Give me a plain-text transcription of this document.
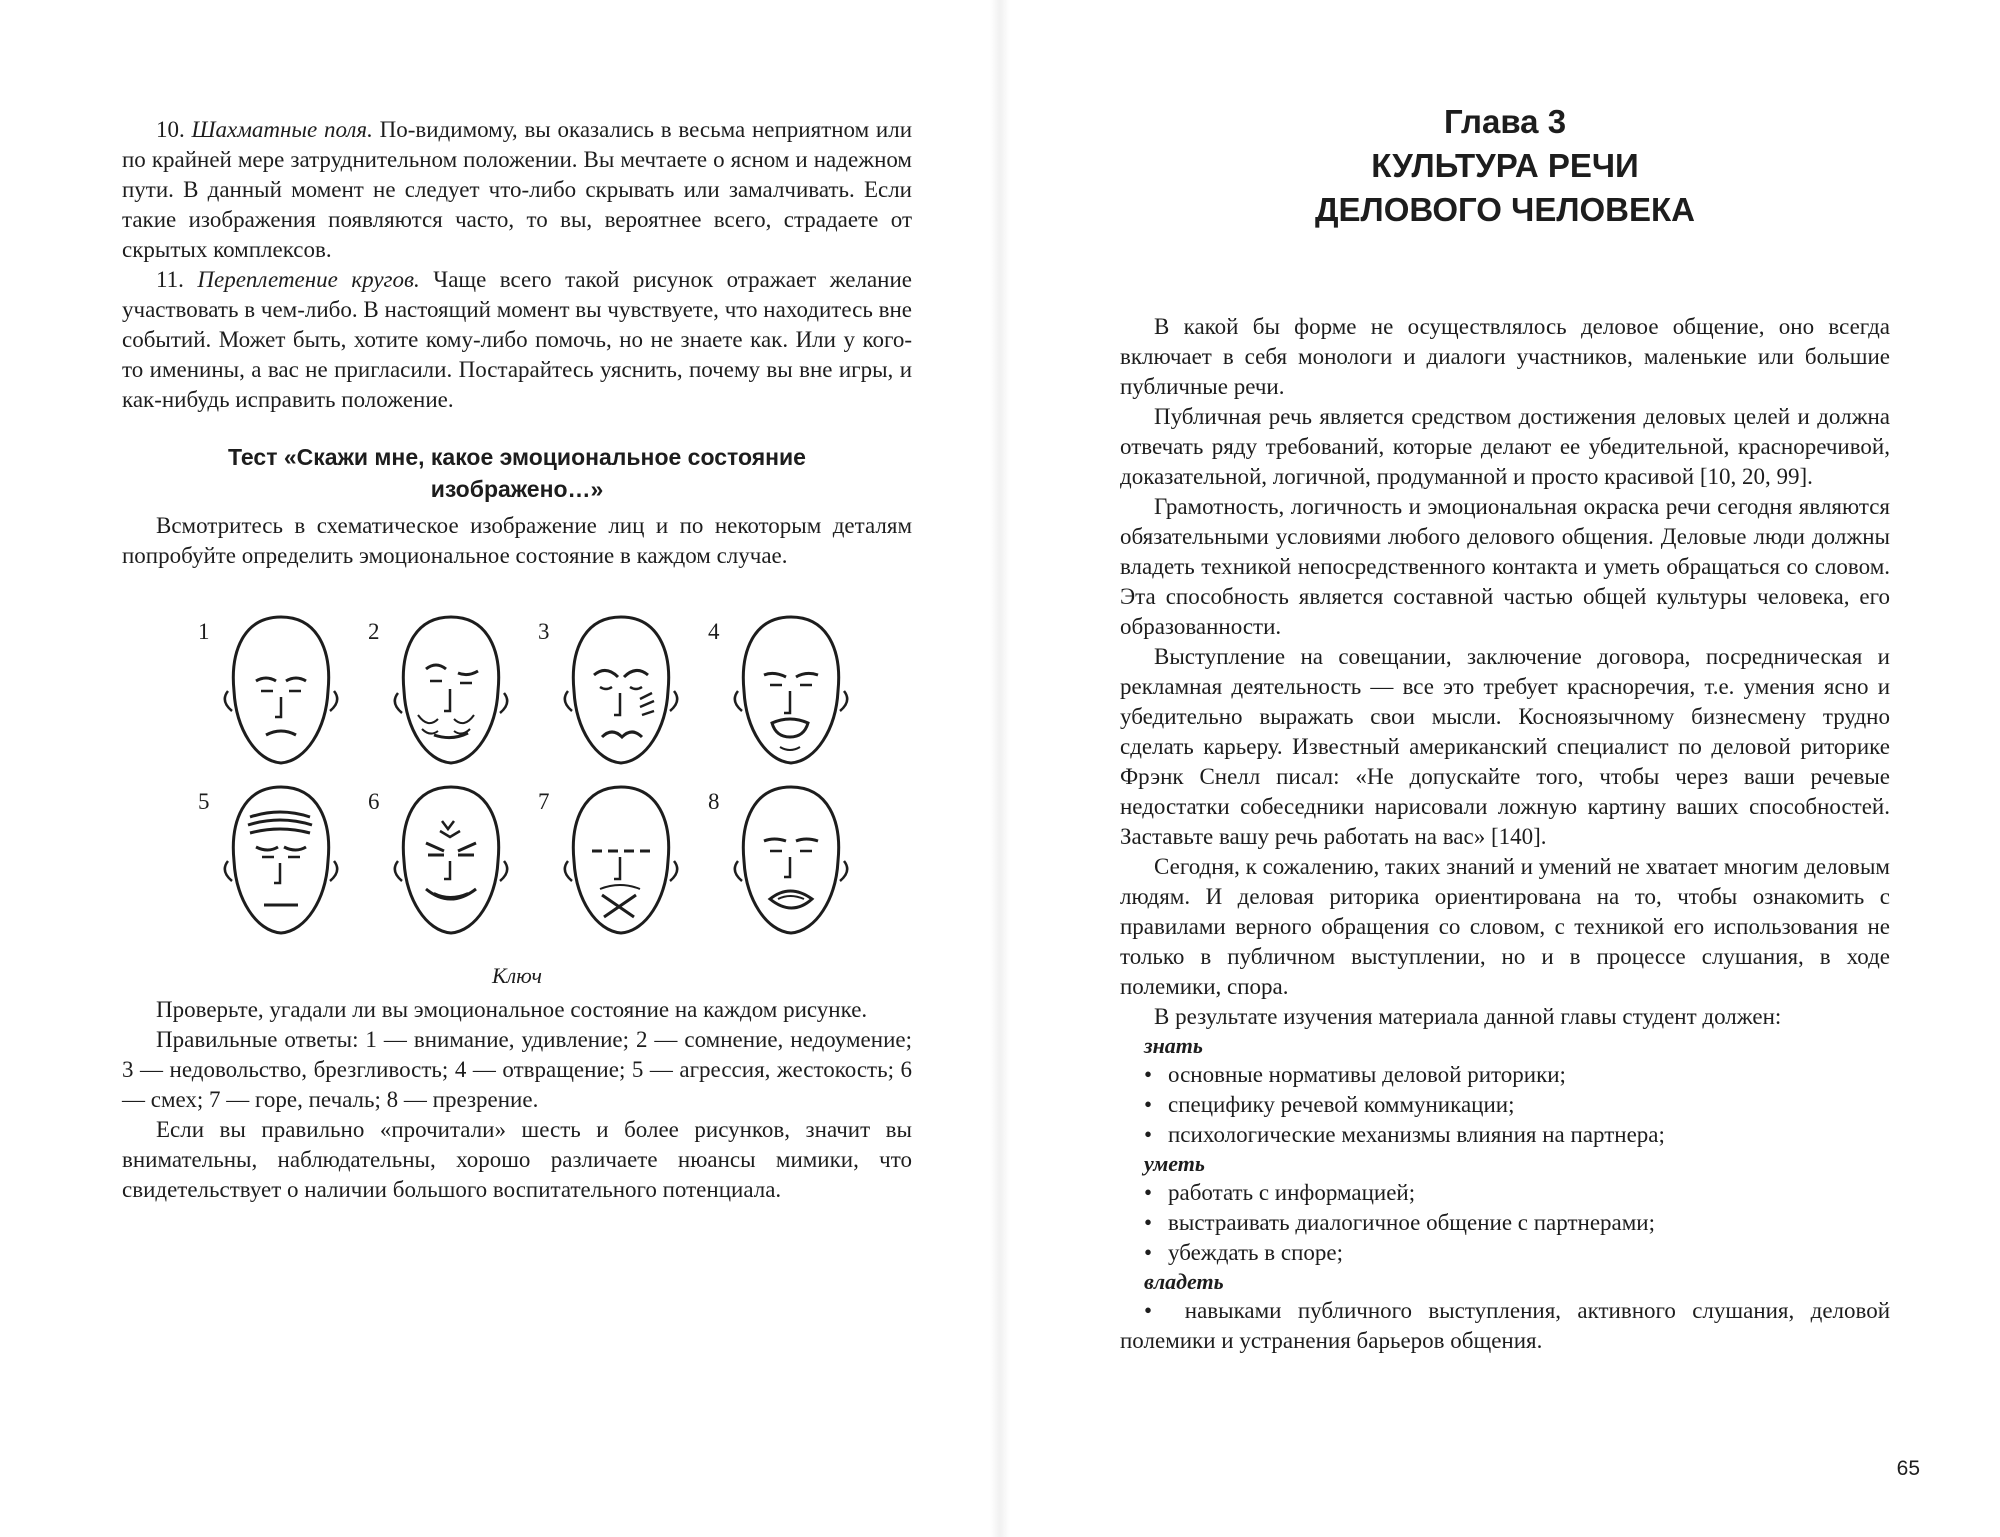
10. Шахматные поля. По-видимому, вы оказались в весьма неприятном или по крайней мере затруднительном положении. Вы мечтаете о ясном и надежном пути. В данный момент не следует что-либо скрывать или замалчивать. Если такие изображения появляются часто, то вы, вероятнее всего, страдаете от скрытых комплексов.

11. Переплетение кругов. Чаще всего такой рисунок отражает желание участвовать в чем-либо. В настоящий момент вы чувствуете, что находитесь вне событий. Может быть, хотите кому-либо помочь, но не знаете как. Или у кого-то именины, а вас не пригласили. Постарайтесь уяснить, почему вы вне игры, и как-нибудь исправить положение.

Тест «Скажи мне, какое эмоциональное состояние
изображено…»

Всмотритесь в схематическое изображение лиц и по некоторым деталям попробуйте определить эмоциональное состояние в каждом случае.

1	2	3	4
5	6	7	8
Ключ

Проверьте, угадали ли вы эмоциональное состояние на каждом рисунке.

Правильные ответы: 1 — внимание, удивление; 2 — сомнение, недоумение; 3 — недовольство, брезгливость; 4 — отвращение; 5 — агрессия, жестокость; 6 — смех; 7 — горе, печаль; 8 — презрение.

Если вы правильно «прочитали» шесть и более рисунков, значит вы внимательны, наблюдательны, хорошо различаете нюансы мимики, что свидетельствует о наличии большого воспитательного потенциала.

Глава 3
КУЛЬТУРА РЕЧИ
ДЕЛОВОГО ЧЕЛОВЕКА

В какой бы форме не осуществлялось деловое общение, оно всегда включает в себя монологи и диалоги участников, маленькие или большие публичные речи.

Публичная речь является средством достижения деловых целей и должна отвечать ряду требований, которые делают ее убедительной, красноречивой, доказательной, логичной, продуманной и просто красивой [10, 20, 99].

Грамотность, логичность и эмоциональная окраска речи сегодня являются обязательными условиями любого делового общения. Деловые люди должны владеть техникой непосредственного контакта и уметь обращаться со словом. Эта способность является составной частью общей культуры человека, его образованности.

Выступление на совещании, заключение договора, посредническая и рекламная деятельность — все это требует красноречия, т.е. умения ясно и убедительно выражать свои мысли. Косноязычному бизнесмену трудно сделать карьеру. Известный американский специалист по деловой риторике Фрэнк Снелл писал: «Не допускайте того, чтобы через ваши речевые недостатки собеседники нарисовали ложную картину ваших способностей. Заставьте вашу речь работать на вас» [140].

Сегодня, к сожалению, таких знаний и умений не хватает многим деловым людям. И деловая риторика ориентирована на то, чтобы ознакомить с правилами верного обращения со словом, с техникой его использования не только в публичном выступлении, но и в процессе слушания, в ходе полемики, спора.

В результате изучения материала данной главы студент должен:

знать
• основные нормативы деловой риторики;
• специфику речевой коммуникации;
• психологические механизмы влияния на партнера;
уметь
• работать с информацией;
• выстраивать диалогичное общение с партнерами;
• убеждать в споре;
владеть

• навыками публичного выступления, активного слушания, деловой полемики и устранения барьеров общения.

65
